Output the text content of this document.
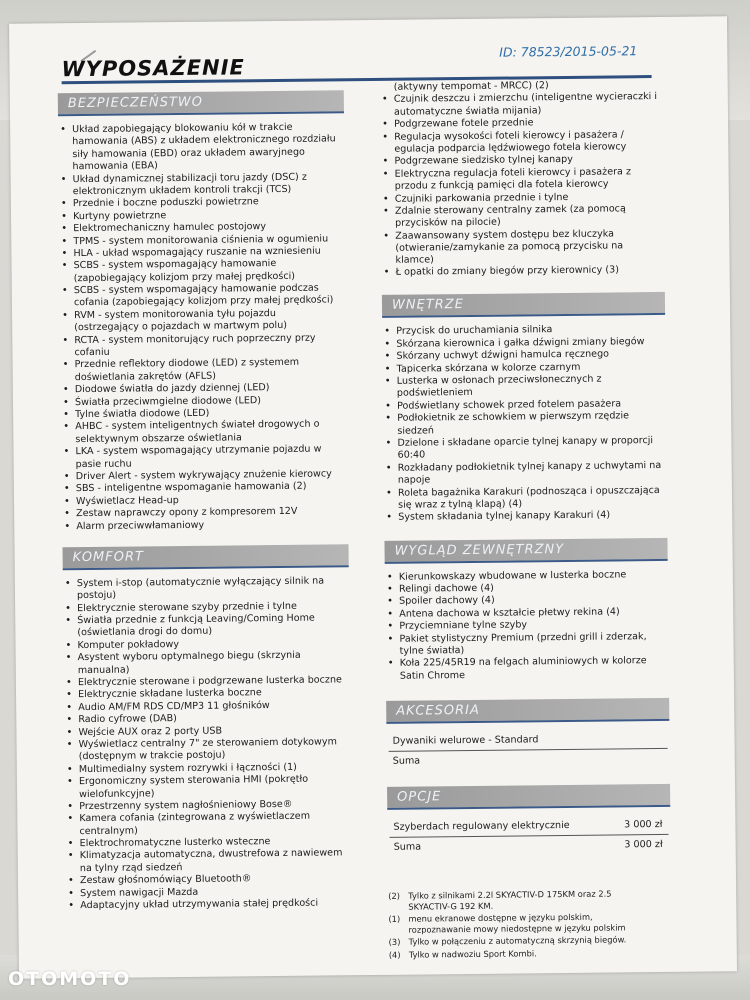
WYPOSAŻENIE
ID: 78523/2015-05-21
BEZPIECZEŃSTWO
• Układ zapobiegający blokowaniu kół w trakcie
hamowania (ABS) z układem elektronicznego rozdziału
siły hamowania (EBD) oraz układem awaryjnego
hamowania (EBA)
• Układ dynamicznej stabilizacji toru jazdy (DSC) z
elektronicznym układem kontroli trakcji (TCS)
• Przednie i boczne poduszki powietrzne
• Kurtyny powietrzne
• Elektromechaniczny hamulec postojowy
• TPMS - system monitorowania ciśnienia w ogumieniu
• HLA - układ wspomagający ruszanie na wzniesieniu
• SCBS - system wspomagający hamowanie
(zapobiegający kolizjom przy małej prędkości)
• SCBS - system wspomagający hamowanie podczas
cofania (zapobiegający kolizjom przy małej prędkości)
• RVM - system monitorowania tyłu pojazdu
(ostrzegający o pojazdach w martwym polu)
• RCTA - system monitorujący ruch poprzeczny przy
cofaniu
• Przednie reflektory diodowe (LED) z systemem
doświetlania zakrętów (AFLS)
• Diodowe światła do jazdy dziennej (LED)
• Światła przeciwmgielne diodowe (LED)
• Tylne światła diodowe (LED)
• AHBC - system inteligentnych świateł drogowych o
selektywnym obszarze oświetlania
• LKA - system wspomagający utrzymanie pojazdu w
pasie ruchu
• Driver Alert - system wykrywający znużenie kierowcy
• SBS - inteligentne wspomaganie hamowania (2)
• Wyświetlacz Head-up
• Zestaw naprawczy opony z kompresorem 12V
• Alarm przeciwwłamaniowy
KOMFORT
• System i-stop (automatycznie wyłączający silnik na
postoju)
• Elektrycznie sterowane szyby przednie i tylne
• Światła przednie z funkcją Leaving/Coming Home
(oświetlania drogi do domu)
• Komputer pokładowy
• Asystent wyboru optymalnego biegu (skrzynia
manualna)
• Elektrycznie sterowane i podgrzewane lusterka boczne
• Elektrycznie składane lusterka boczne
• Audio AM/FM RDS CD/MP3 11 głośników
• Radio cyfrowe (DAB)
• Wejście AUX oraz 2 porty USB
• Wyświetlacz centralny 7" ze sterowaniem dotykowym
(dostępnym w trakcie postoju)
• Multimedialny system rozrywki i łączności (1)
• Ergonomiczny system sterowania HMI (pokrętło
wielofunkcyjne)
• Przestrzenny system nagłośnieniowy Bose®
• Kamera cofania (zintegrowana z wyświetlaczem
centralnym)
• Elektrochromatyczne lusterko wsteczne
• Klimatyzacja automatyczna, dwustrefowa z nawiewem
na tylny rząd siedzeń
• Zestaw głośnomówiący Bluetooth®
• System nawigacji Mazda
• Adaptacyjny układ utrzymywania stałej prędkości
(aktywny tempomat - MRCC) (2)
• Czujnik deszczu i zmierzchu (inteligentne wycieraczki i
automatyczne światła mijania)
• Podgrzewane fotele przednie
• Regulacja wysokości foteli kierowcy i pasażera /
egulacja podparcia lędźwiowego fotela kierowcy
• Podgrzewane siedzisko tylnej kanapy
• Elektryczna regulacja foteli kierowcy i pasażera z
przodu z funkcją pamięci dla fotela kierowcy
• Czujniki parkowania przednie i tylne
• Zdalnie sterowany centralny zamek (za pomocą
przycisków na pilocie)
• Zaawansowany system dostępu bez kluczyka
(otwieranie/zamykanie za pomocą przycisku na klamce)
• Ł opatki do zmiany biegów przy kierownicy (3)
WNĘTRZE
• Przycisk do uruchamiania silnika
• Skórzana kierownica i gałka dźwigni zmiany biegów
• Skórzany uchwyt dźwigni hamulca ręcznego
• Tapicerka skórzana w kolorze czarnym
• Lusterka w osłonach przeciwsłonecznych z
podświetleniem
• Podświetlany schowek przed fotelem pasażera
• Podłokietnik ze schowkiem w pierwszym rzędzie
siedzeń
• Dzielone i składane oparcie tylnej kanapy w proporcji
60:40
• Rozkładany podłokietnik tylnej kanapy z uchwytami na
napoje
• Roleta bagażnika Karakuri (podnosząca i opuszczająca
się wraz z tylną klapą) (4)
• System składania tylnej kanapy Karakuri (4)
WYGLĄD ZEWNĘTRZNY
• Kierunkowskazy wbudowane w lusterka boczne
• Relingi dachowe (4)
• Spoiler dachowy (4)
• Antena dachowa w kształcie płetwy rekina (4)
• Przyciemniane tylne szyby
• Pakiet stylistyczny Premium (przedni grill i zderzak,
tylne światła)
• Koła 225/45R19 na felgach aluminiowych w kolorze
Satin Chrome
AKCESORIA
Dywaniki welurowe - Standard
Suma
OPCJE
Szyberdach regulowany elektrycznie	3 000 zł
Suma	3 000 zł
(2) Tylko z silnikami 2.2l SKYACTIV-D 175KM oraz 2.5
SKYACTIV-G 192 KM.
(1) menu ekranowe dostępne w języku polskim,
rozpoznawanie mowy niedostępne w języku polskim
(3) Tylko w połączeniu z automatyczną skrzynią biegów.
(4) Tylko w nadwoziu Sport Kombi.
OTOMOTO
